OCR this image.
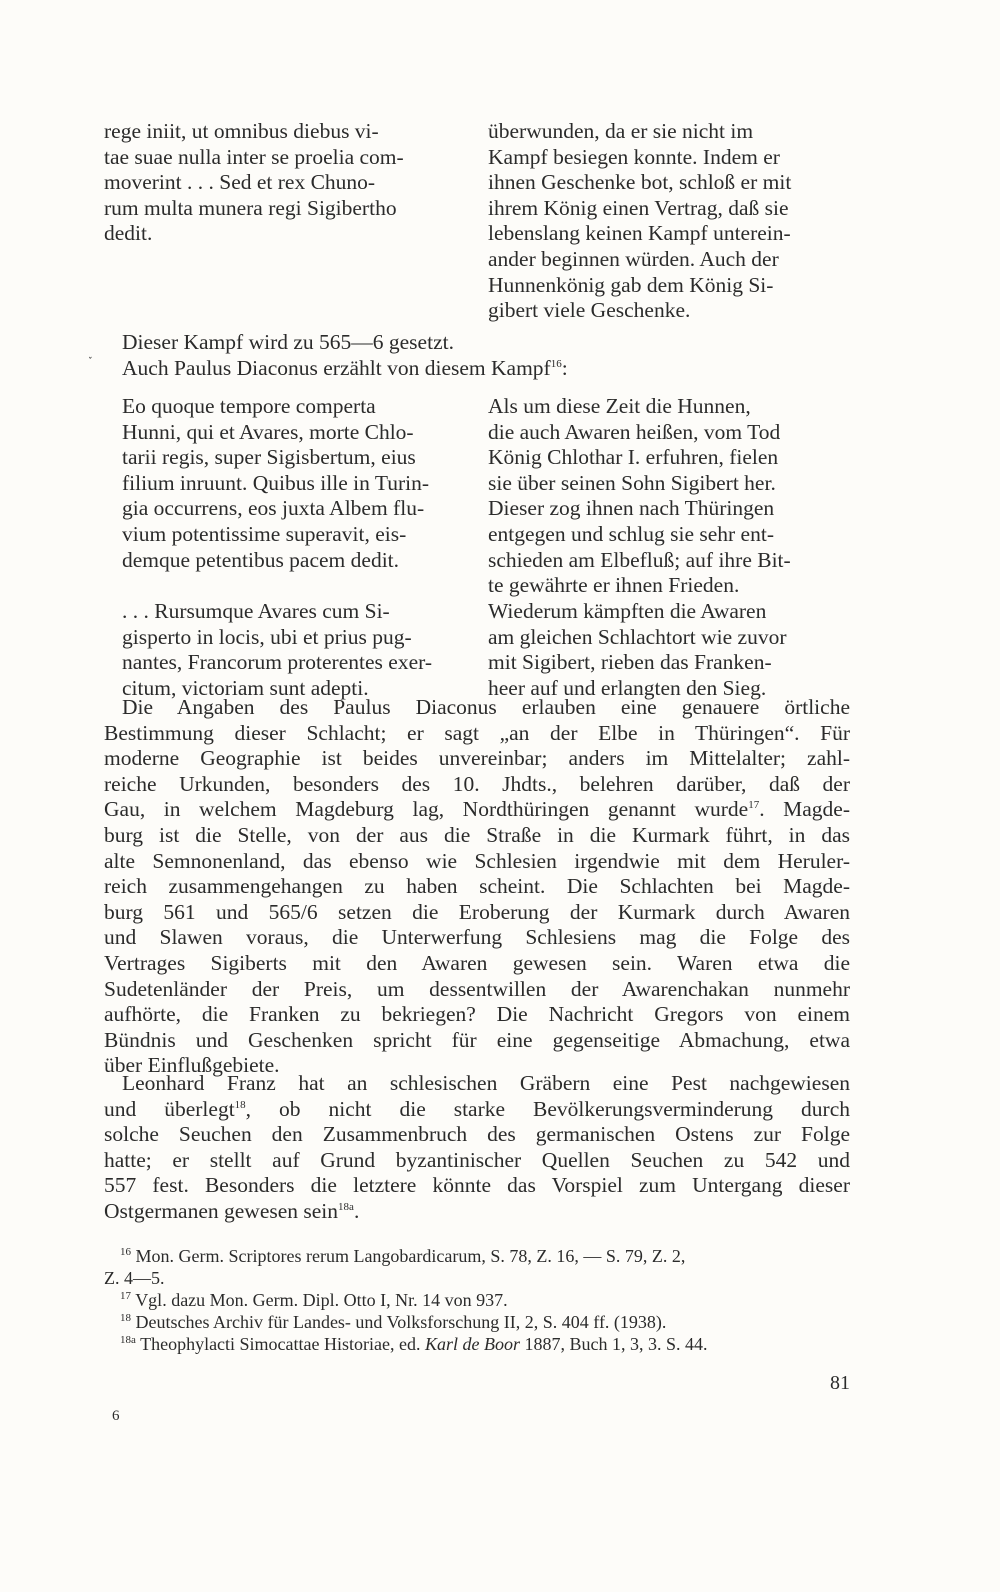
rege iniit, ut omnibus diebus vi-
tae suae nulla inter se proelia com-
moverint . . . Sed et rex Chuno-
rum multa munera regi Sigibertho
dedit.
überwunden, da er sie nicht im
Kampf besiegen konnte. Indem er
ihnen Geschenke bot, schloß er mit
ihrem König einen Vertrag, daß sie
lebenslang keinen Kampf unterein-
ander beginnen würden. Auch der
Hunnenkönig gab dem König Si-
gibert viele Geschenke.
˯ Dieser Kampf wird zu 565—6 gesetzt.
Auch Paulus Diaconus erzählt von diesem Kampf$^{16}$:
Eo quoque tempore comperta
Hunni, qui et Avares, morte Chlo-
tarii regis, super Sigisbertum, eius
filium inruunt. Quibus ille in Turin-
gia occurrens, eos juxta Albem flu-
vium potentissime superavit, eis-
demque petentibus pacem dedit.
Als um diese Zeit die Hunnen,
die auch Awaren heißen, vom Tod
König Chlothar I. erfuhren, fielen
sie über seinen Sohn Sigibert her.
Dieser zog ihnen nach Thüringen
entgegen und schlug sie sehr ent-
schieden am Elbefluß; auf ihre Bit-
te gewährte er ihnen Frieden.
. . . Rursumque Avares cum Si-
gisperto in locis, ubi et prius pug-
nantes, Francorum proterentes exer-
citum, victoriam sunt adepti.
Wiederum kämpften die Awaren
am gleichen Schlachtort wie zuvor
mit Sigibert, rieben das Franken-
heer auf und erlangten den Sieg.
Die Angaben des Paulus Diaconus erlauben eine genauere örtliche
Bestimmung dieser Schlacht; er sagt „an der Elbe in Thüringen“. Für
moderne Geographie ist beides unvereinbar; anders im Mittelalter; zahl-
reiche Urkunden, besonders des 10. Jhdts., belehren darüber, daß der
Gau, in welchem Magdeburg lag, Nordthüringen genannt wurde$^{17}$. Magde-
burg ist die Stelle, von der aus die Straße in die Kurmark führt, in das
alte Semnonenland, das ebenso wie Schlesien irgendwie mit dem Heruler-
reich zusammengehangen zu haben scheint. Die Schlachten bei Magde-
burg 561 und 565/6 setzen die Eroberung der Kurmark durch Awaren
und Slawen voraus, die Unterwerfung Schlesiens mag die Folge des
Vertrages Sigiberts mit den Awaren gewesen sein. Waren etwa die
Sudetenländer der Preis, um dessentwillen der Awarenchakan nunmehr
aufhörte, die Franken zu bekriegen? Die Nachricht Gregors von einem
Bündnis und Geschenken spricht für eine gegenseitige Abmachung, etwa
über Einflußgebiete.
Leonhard Franz hat an schlesischen Gräbern eine Pest nachgewiesen
und überlegt$^{18}$, ob nicht die starke Bevölkerungsverminderung durch
solche Seuchen den Zusammenbruch des germanischen Ostens zur Folge
hatte; er stellt auf Grund byzantinischer Quellen Seuchen zu 542 und
557 fest. Besonders die letztere könnte das Vorspiel zum Untergang dieser
Ostgermanen gewesen sein$^{18a}$.
$^{16}$ Mon. Germ. Scriptores rerum Langobardicarum, S. 78, Z. 16, — S. 79, Z. 2,
Z. 4—5.
$^{17}$ Vgl. dazu Mon. Germ. Dipl. Otto I, Nr. 14 von 937.
$^{18}$ Deutsches Archiv für Landes- und Volksforschung II, 2, S. 404 ff. (1938).
$^{18a}$ Theophylacti Simocattae Historiae, ed. Karl de Boor 1887, Buch 1, 3, 3. S. 44.
81
6
